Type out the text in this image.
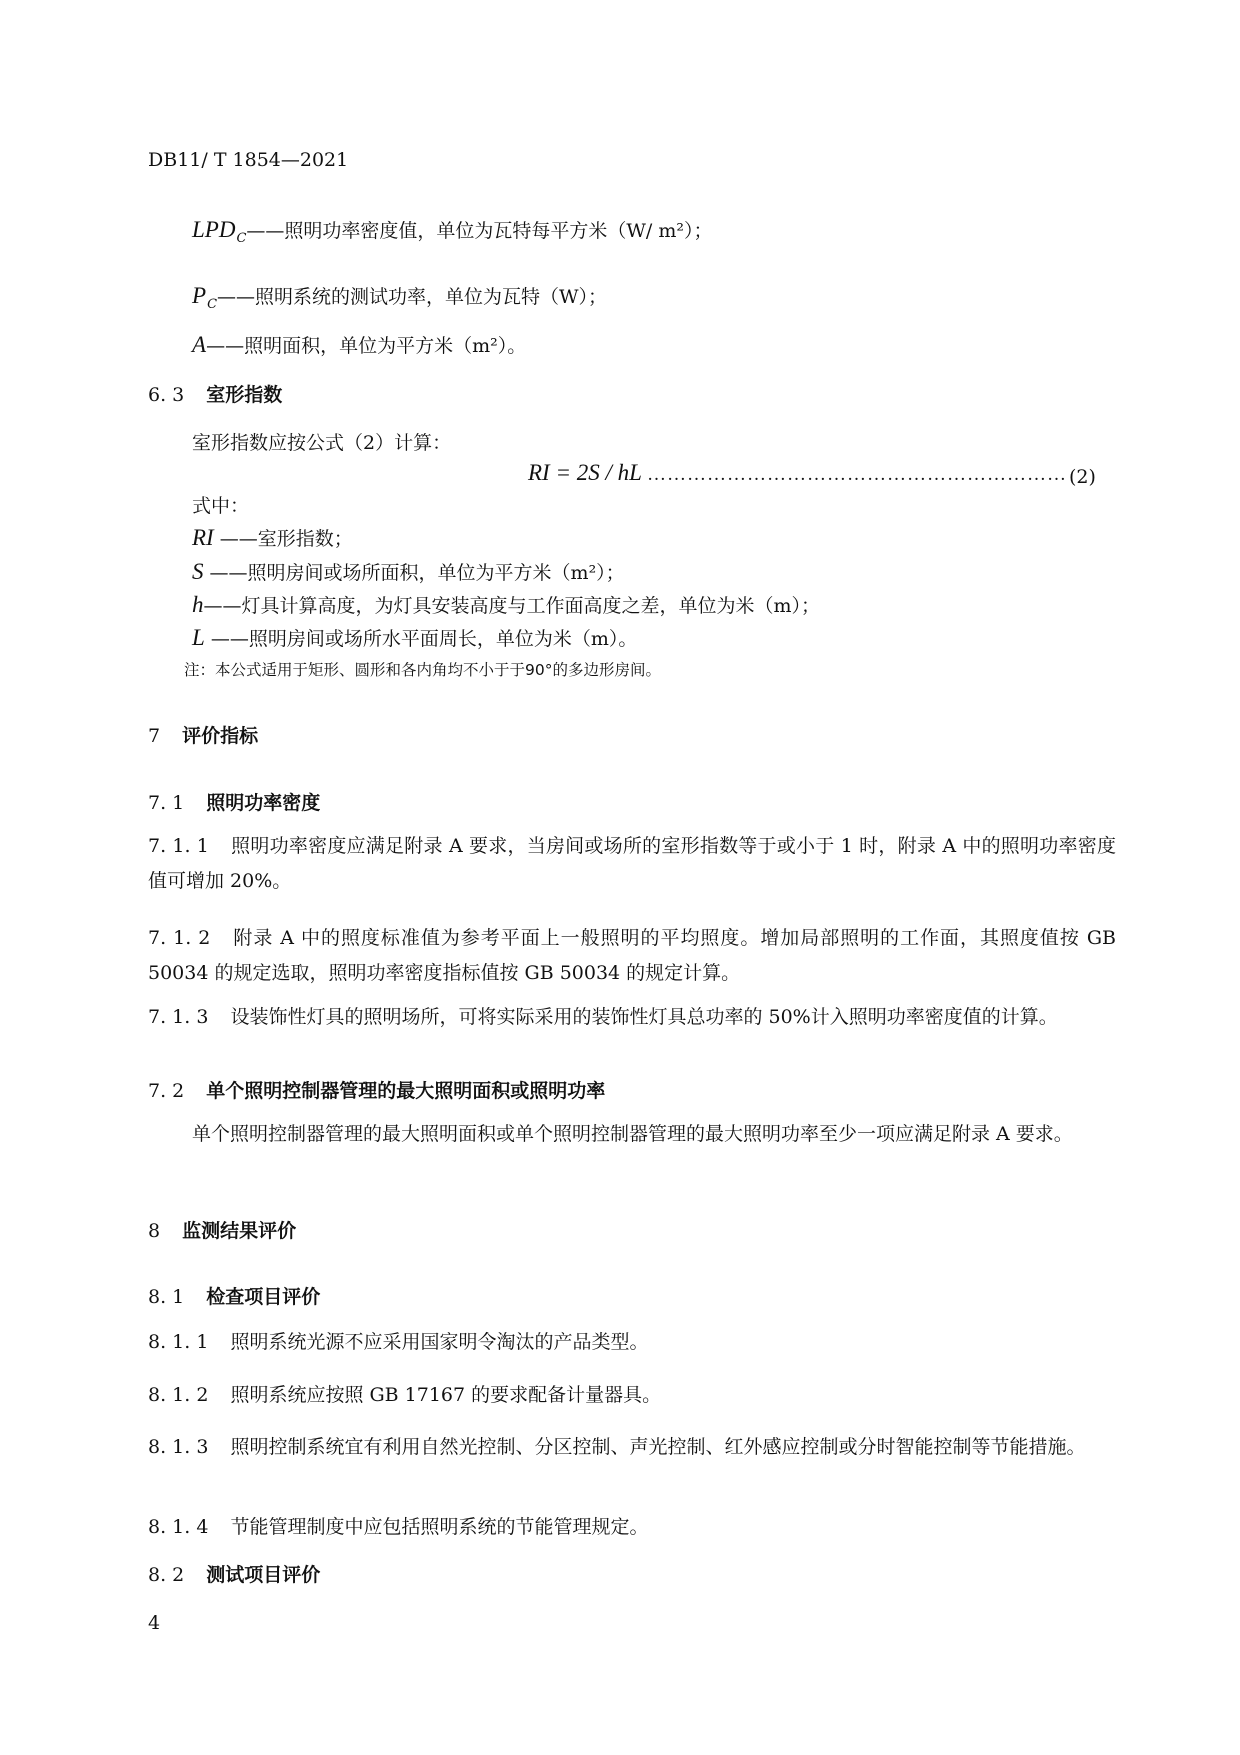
DB11/ T 1854—2021
$LPD_C——$照明功率密度值，单位为瓦特每平方米（W/ m²）；
$P_C——$照明系统的测试功率，单位为瓦特（W）；
A——照明面积，单位为平方米（m²）。
6. 3 室形指数
室形指数应按公式（2）计算：
RI = 2S / hL ……………………………………………………… (2)
式中：
RI ——室形指数；
S ——照明房间或场所面积，单位为平方米（m²）；
h——灯具计算高度，为灯具安装高度与工作面高度之差，单位为米（m）；
L ——照明房间或场所水平面周长，单位为米（m）。
注：本公式适用于矩形、圆形和各内角均不小于于90°的多边形房间。
7 评价指标
7. 1 照明功率密度
7. 1. 1 照明功率密度应满足附录 A 要求，当房间或场所的室形指数等于或小于 1 时，附录 A 中的照明功率密度值可增加 20%。
7. 1. 2 附录 A 中的照度标准值为参考平面上一般照明的平均照度。增加局部照明的工作面，其照度值按 GB 50034 的规定选取，照明功率密度指标值按 GB 50034 的规定计算。
7. 1. 3 设装饰性灯具的照明场所，可将实际采用的装饰性灯具总功率的 50%计入照明功率密度值的计算。
7. 2 单个照明控制器管理的最大照明面积或照明功率
单个照明控制器管理的最大照明面积或单个照明控制器管理的最大照明功率至少一项应满足附录 A 要求。
8 监测结果评价
8. 1 检查项目评价
8. 1. 1 照明系统光源不应采用国家明令淘汰的产品类型。
8. 1. 2 照明系统应按照 GB 17167 的要求配备计量器具。
8. 1. 3 照明控制系统宜有利用自然光控制、分区控制、声光控制、红外感应控制或分时智能控制等节能措施。
8. 1. 4 节能管理制度中应包括照明系统的节能管理规定。
8. 2 测试项目评价
4
